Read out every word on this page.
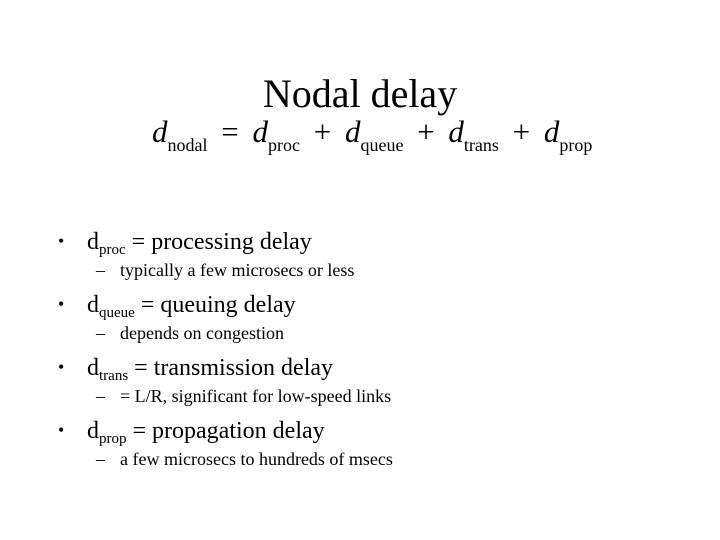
Nodal delay
$d_{nodal} = d_{proc} + d_{queue} + d_{trans} + d_{prop}$
• $d_{proc}$ = processing delay
– typically a few microsecs or less
• $d_{queue}$ = queuing delay
– depends on congestion
• $d_{trans}$ = transmission delay
– = L/R, significant for low-speed links
• $d_{prop}$ = propagation delay
– a few microsecs to hundreds of msecs
